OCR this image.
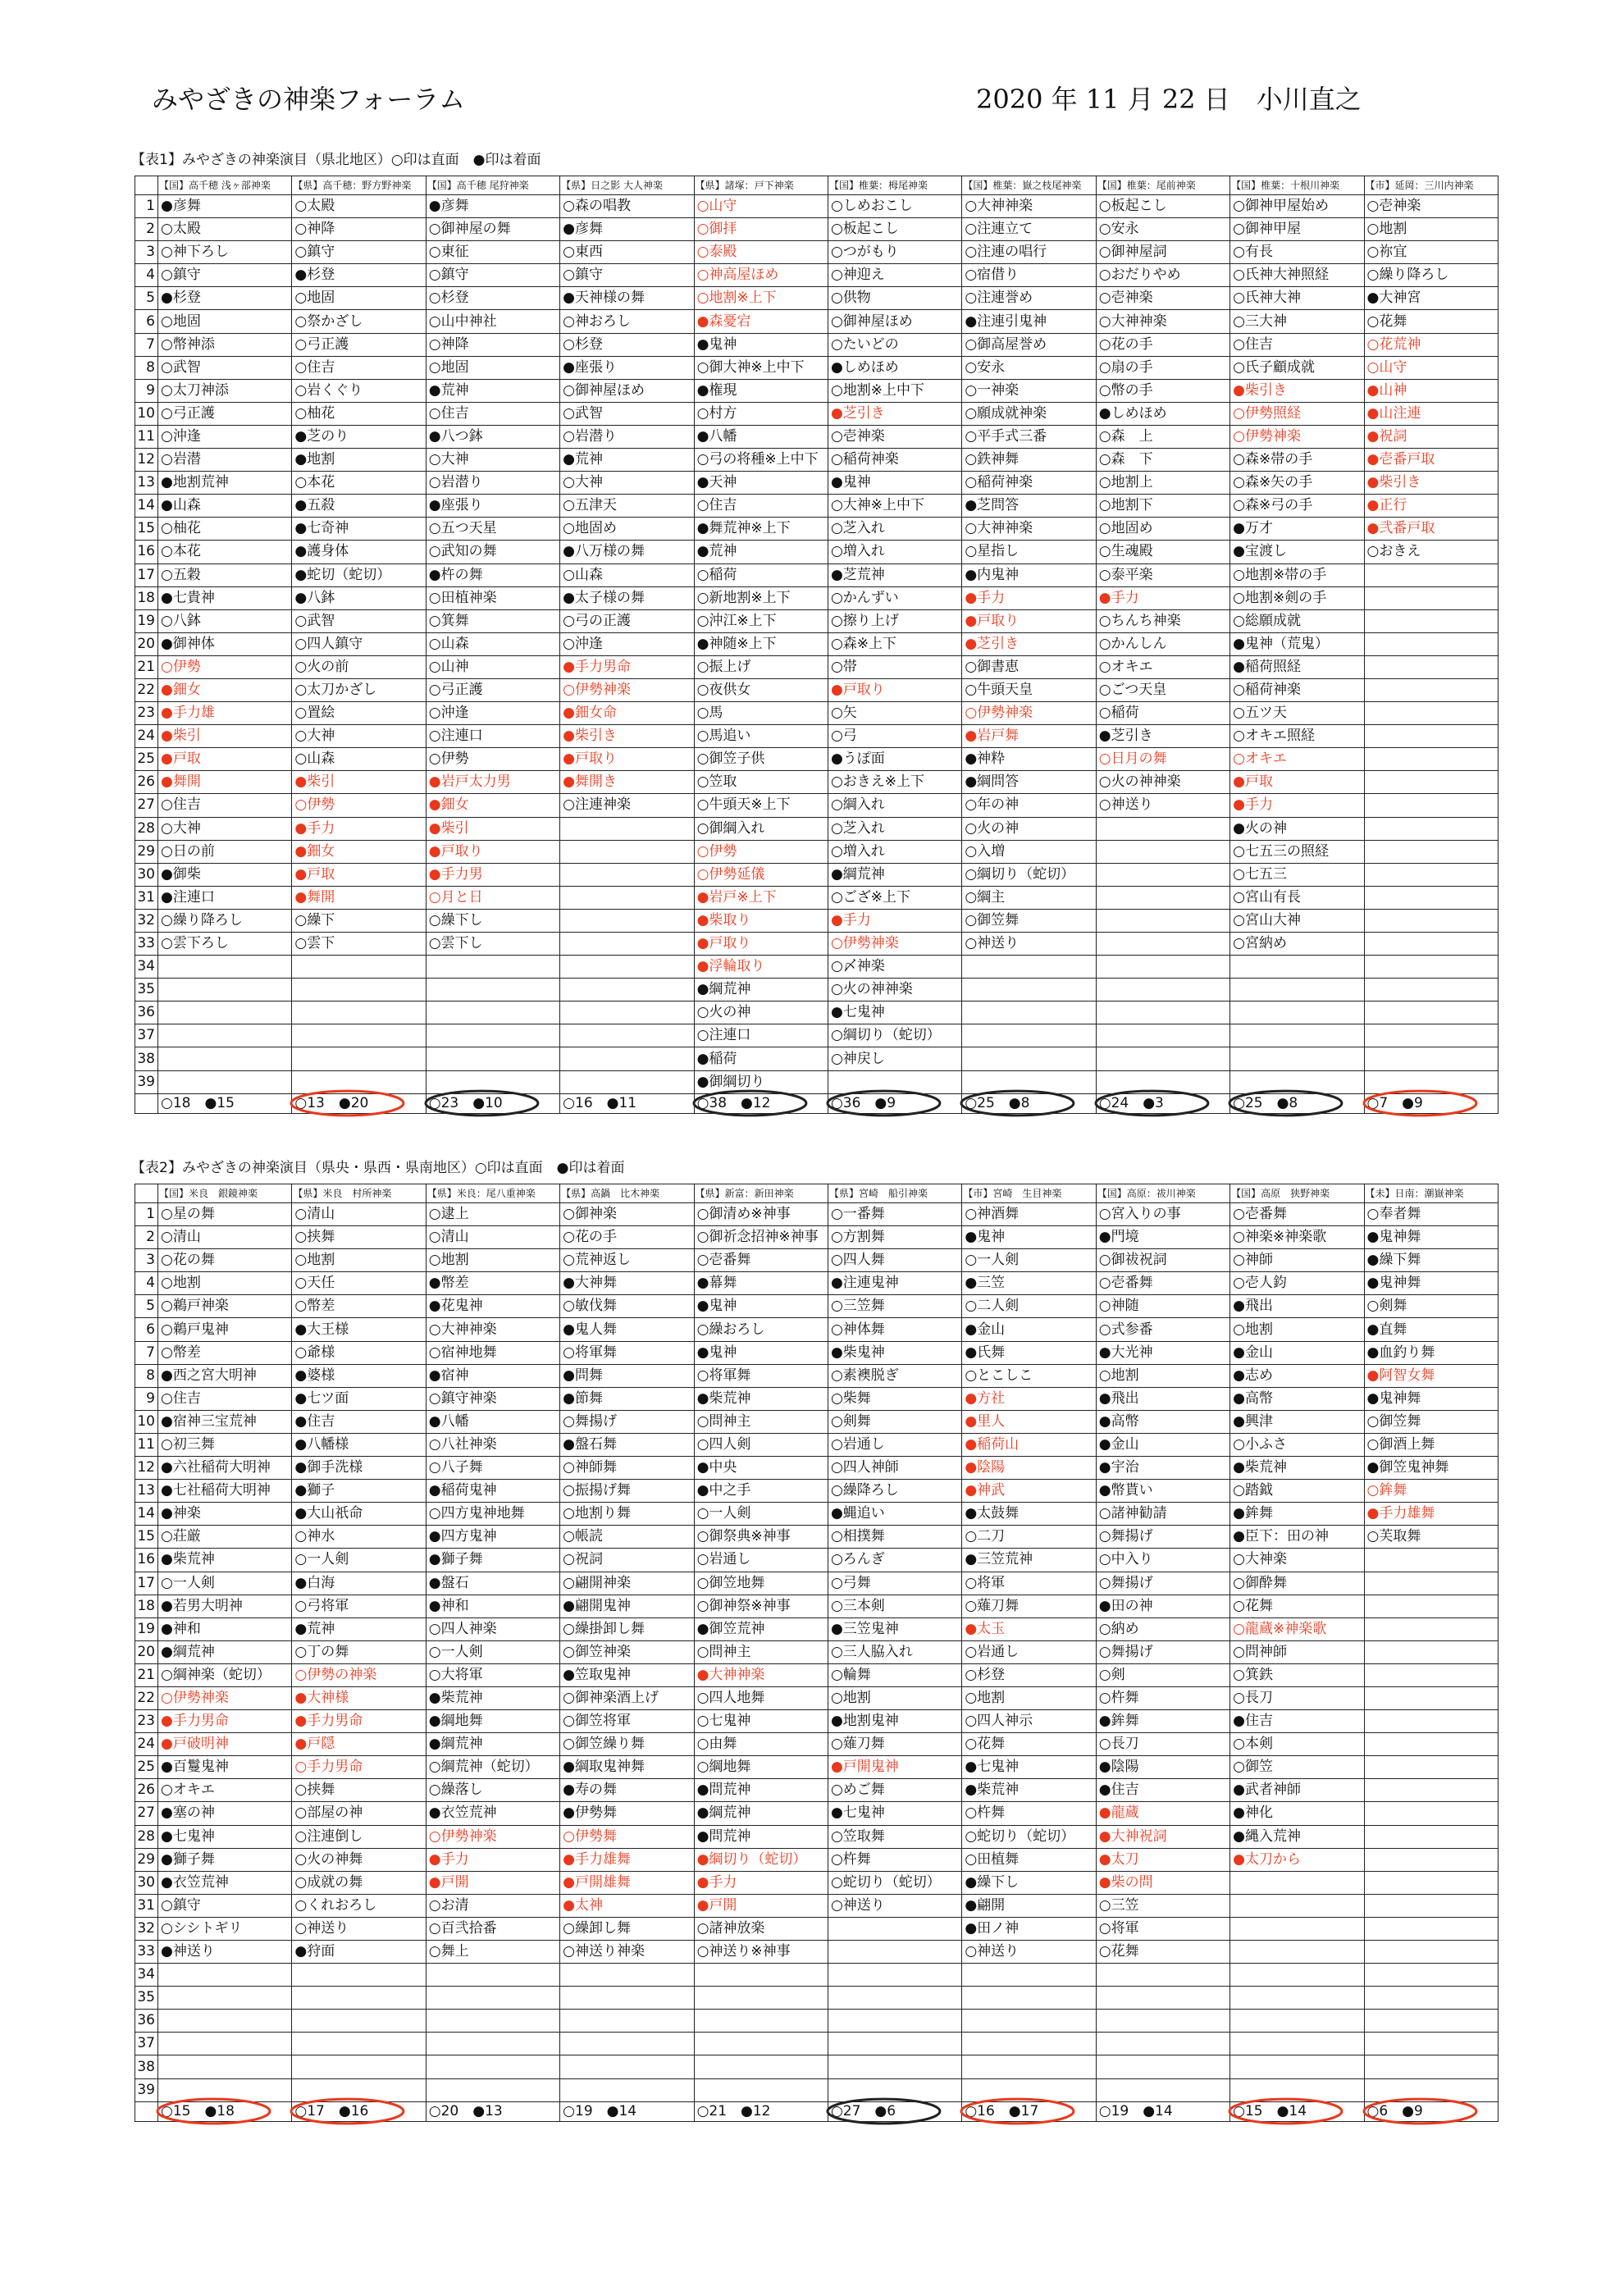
みやざきの神楽フォーラム	2020 年 11 月 22 日　小川直之
【表1】みやざきの神楽演目（県北地区）○印は直面　●印は着面
	【国】高千穂 浅ヶ部神楽	【県】高千穂：野方野神楽	【国】高千穂 尾狩神楽	【県】日之影 大人神楽	【県】諸塚：戸下神楽	【国】椎葉：栂尾神楽	【国】椎葉：嶽之枝尾神楽	【国】椎葉：尾前神楽	【国】椎葉：十根川神楽	【市】延岡：三川内神楽
1	●彦舞	○太殿	●彦舞	○森の唱教	○山守	○しめおこし	○大神神楽	○板起こし	○御神甲屋始め	○壱神楽
2	○太殿	○神降	○御神屋の舞	●彦舞	○御拝	○板起こし	○注連立て	○安永	○御神甲屋	○地割
3	○神下ろし	○鎮守	○東征	○東西	○泰殿	○つがもり	○注連の唱行	○御神屋詞	○有長	○祢宜
4	○鎮守	●杉登	○鎮守	○鎮守	○神高屋ほめ	○神迎え	○宿借り	○おだりやめ	○氏神大神照経	○繰り降ろし
5	●杉登	○地固	○杉登	●天神様の舞	○地割※上下	○供物	○注連誉め	○壱神楽	○氏神大神	●大神宮
6	○地固	○祭かざし	○山中神社	○神おろし	●森憂宕	○御神屋ほめ	●注連引鬼神	○大神神楽	○三大神	○花舞
7	○幣神添	○弓正護	○神降	○杉登	●鬼神	○たいどの	○御高屋誉め	○花の手	○住吉	○花荒神
8	○武智	○住吉	○地固	●座張り	○御大神※上中下	●しめほめ	○安永	○扇の手	○氏子顧成就	○山守
9	○太刀神添	○岩くぐり	●荒神	○御神屋ほめ	●権現	○地割※上中下	○一神楽	○幣の手	●柴引き	●山神
10	○弓正護	○柚花	○住吉	○武智	○村方	●芝引き	○願成就神楽	●しめほめ	○伊勢照経	●山注連
11	○沖逢	●芝のり	●八つ鉢	○岩潜り	●八幡	○壱神楽	○平手式三番	○森　上	○伊勢神楽	●祝詞
12	○岩潜	●地割	○大神	●荒神	○弓の将種※上中下	○稲荷神楽	○鉄神舞	○森　下	○森※帯の手	●壱番戸取
13	●地割荒神	○本花	○岩潜り	○大神	●天神	●鬼神	○稲荷神楽	○地割上	○森※矢の手	●柴引き
14	●山森	●五殺	●座張り	○五津天	○住吉	○大神※上中下	●芝問答	○地割下	○森※弓の手	●正行
15	○柚花	●七奇神	○五つ天星	○地固め	●舞荒神※上下	○芝入れ	○大神神楽	○地固め	●万才	●弐番戸取
16	○本花	●護身体	○武知の舞	●八万様の舞	●荒神	○増入れ	○星指し	○生魂殿	●宝渡し	○おきえ
17	○五穀	●蛇切（蛇切）	●杵の舞	○山森	○稲荷	●芝荒神	●内鬼神	○泰平楽	○地割※帯の手	
18	●七貴神	●八鉢	○田植神楽	●太子様の舞	○新地割※上下	○かんずい	●手力	●手力	○地割※剣の手	
19	○八鉢	○武智	○箕舞	○弓の正護	○沖江※上下	○擦り上げ	●戸取り	○ちんち神楽	○総願成就	
20	●御神体	○四人鎮守	○山森	○沖逢	●神随※上下	○森※上下	●芝引き	○かんしん	●鬼神（荒鬼）	
21	○伊勢	○火の前	○山神	●手力男命	○振上げ	○帯	○御書恵	○オキエ	●稲荷照経	
22	●鈿女	○太刀かざし	○弓正護	○伊勢神楽	○夜供女	●戸取り	○牛頭天皇	○ごつ天皇	○稲荷神楽	
23	●手力雄	○置絵	○沖逢	●鈿女命	○馬	○矢	○伊勢神楽	○稲荷	○五ツ天	
24	●柴引	○大神	○注連口	●柴引き	○馬追い	○弓	●岩戸舞	●芝引き	○オキエ照経	
25	●戸取	○山森	○伊勢	●戸取り	○御笠子供	●うぽ面	●神粋	○日月の舞	○オキエ	
26	●舞開	●柴引	●岩戸太力男	●舞開き	○笠取	○おきえ※上下	●綱問答	○火の神神楽	●戸取	
27	○住吉	○伊勢	●鈿女	○注連神楽	○牛頭天※上下	○綱入れ	○年の神	○神送り	●手力	
28	○大神	●手力	●柴引		○御綱入れ	○芝入れ	○火の神		●火の神	
29	○日の前	●鈿女	●戸取り		○伊勢	○増入れ	○入増		○七五三の照経	
30	●御柴	●戸取	●手力男		○伊勢延儀	●綱荒神	○綱切り（蛇切）		○七五三	
31	●注連口	●舞開	○月と日		●岩戸※上下	○ござ※上下	○綱主		○宮山有長	
32	○繰り降ろし	○繰下	○繰下し		●柴取り	●手力	○御笠舞		○宮山大神	
33	○雲下ろし	○雲下	○雲下し		●戸取り	○伊勢神楽	○神送り		○宮納め	
34					●浮輪取り	○〆神楽				
35					●綱荒神	○火の神神楽				
36					○火の神	●七鬼神				
37					○注連口	○綱切り（蛇切）				
38					●稲荷	○神戻し				
39					●御綱切り					
	○18　●15	○13　●20	○23　●10	○16　●11	○38　●12	○36　●9	○25　●8	○24　●3	○25　●8	○7　●9
【表2】みやざきの神楽演目（県央・県西・県南地区）○印は直面　●印は着面
	【国】米良　銀鏡神楽	【県】米良　村所神楽	【県】米良：尾八重神楽	【県】高鍋　比木神楽	【県】新富：新田神楽	【県】宮崎　船引神楽	【市】宮崎　生目神楽	【国】高原：祓川神楽	【国】高原　狭野神楽	【未】日南：潮嶽神楽
1	○星の舞	○清山	○逮上	○御神楽	○御清め※神事	○一番舞	○神酒舞	○宮入りの事	○壱番舞	○奉者舞
2	○清山	○挟舞	○清山	○花の手	○御祈念招神※神事	○方割舞	●鬼神	●門境	○神楽※神楽歌	●鬼神舞
3	○花の舞	○地割	○地割	○荒神返し	○壱番舞	○四人舞	○一人剣	○御祓祝詞	○神師	●繰下舞
4	○地割	○天任	●幣差	●大神舞	●幕舞	●注連鬼神	●三笠	○壱番舞	○壱人鈞	●鬼神舞
5	○鵜戸神楽	○幣差	●花鬼神	○敏伐舞	●鬼神	○三笠舞	○二人剣	○神随	●飛出	○剣舞
6	○鵜戸鬼神	●大王様	○大神神楽	●鬼人舞	○繰おろし	○神体舞	●金山	○式参番	○地割	●直舞
7	○幣差	○爺様	○宿神地舞	○将軍舞	●鬼神	●柴鬼神	●氏舞	●大光神	●金山	●血釣り舞
8	●西之宮大明神	●婆様	●宿神	●問舞	○将軍舞	○素襖脱ぎ	○とこしこ	○地割	●志め	●阿智女舞
9	○住吉	●七ツ面	○鎮守神楽	●節舞	●柴荒神	○柴舞	●方社	●飛出	●高幣	●鬼神舞
10	●宿神三宝荒神	●住吉	●八幡	○舞揚げ	○問神主	○剣舞	●里人	●高幣	●興津	○御笠舞
11	○初三舞	●八幡様	○八社神楽	●盤石舞	○四人剣	○岩通し	●稲荷山	●金山	○小ふさ	○御酒上舞
12	●六社稲荷大明神	●御手洗様	○八子舞	○神師舞	●中央	○四人神師	●陰陽	●宇治	●柴荒神	●御笠鬼神舞
13	●七社稲荷大明神	●獅子	●稲荷鬼神	○振揚げ舞	●中之手	○繰降ろし	●神武	●幣貰い	○踏鉞	○鉾舞
14	●神楽	●大山祇命	○四方鬼神地舞	○地割り舞	○一人剣	●蝿追い	●太鼓舞	○諸神勧請	●鉾舞	●手力雄舞
15	○荘厳	○神水	●四方鬼神	○帳読	○御祭典※神事	○相撲舞	○二刀	○舞揚げ	●臣下：田の神	○芙取舞
16	●柴荒神	○一人剣	●獅子舞	○祝詞	○岩通し	○ろんぎ	●三笠荒神	○中入り	○大神楽	
17	○一人剣	●白海	●盤石	○翩開神楽	○御笠地舞	○弓舞	○将軍	○舞揚げ	○御酔舞	
18	●若男大明神	○弓将軍	●神和	●翩開鬼神	○御神祭※神事	○三本剣	○薙刀舞	●田の神	○花舞	
19	●神和	●荒神	○四人神楽	○繰掛卸し舞	●御笠荒神	●三笠鬼神	●太玉	○納め	○龍蔵※神楽歌	
20	●綱荒神	○丁の舞	○一人剣	○御笠神楽	○問神主	○三人脇入れ	○岩通し	○舞揚げ	○問神師	
21	○綱神楽（蛇切）	○伊勢の神楽	○大将軍	●笠取鬼神	●大神神楽	○輪舞	○杉登	○剣	○箕鉄	
22	○伊勢神楽	●大神様	●柴荒神	○御神楽酒上げ	○四人地舞	○地割	○地割	○杵舞	○長刀	
23	●手力男命	●手力男命	●綱地舞	○御笠将軍	○七鬼神	●地割鬼神	○四人神示	●鉾舞	●住吉	
24	●戸破明神	●戸隠	●綱荒神	○御笠繰り舞	○由舞	○薙刀舞	○花舞	○長刀	○本剣	
25	●百鬘鬼神	○手力男命	○綱荒神（蛇切）	●綱取鬼神舞	○綱地舞	●戸開鬼神	●七鬼神	●陰陽	○御笠	
26	○オキエ	○挟舞	○繰落し	●寿の舞	●問荒神	○めご舞	●柴荒神	●住吉	●武者神師	
27	●塞の神	○部屋の神	●衣笠荒神	●伊勢舞	●綱荒神	●七鬼神	○杵舞	●龍蔵	●神化	
28	●七鬼神	○注連倒し	○伊勢神楽	○伊勢舞	●問荒神	○笠取舞	○蛇切り（蛇切）	●大神祝詞	●縄入荒神	
29	●獅子舞	○火の神舞	●手力	●手力雄舞	●綱切り（蛇切）	○杵舞	○田植舞	●太刀	●太刀から	
30	●衣笠荒神	○成就の舞	●戸開	●戸開雄舞	●手力	○蛇切り（蛇切）	●繰下し	●柴の問		
31	○鎮守	○くれおろし	○お清	●太神	●戸開	○神送り	●翩開	○三笠		
32	○シシトギリ	○神送り	○百弐拾番	○繰卸し舞	○諸神放楽		●田ノ神	○将軍		
33	●神送り	●狩面	○舞上	○神送り神楽	○神送り※神事		○神送り	○花舞		
34										
35										
36										
37										
38										
39										
	○15　●18	○17　●16	○20　●13	○19　●14	○21　●12	○27　●6	○16　●17	○19　●14	○15　●14	○6　●9
